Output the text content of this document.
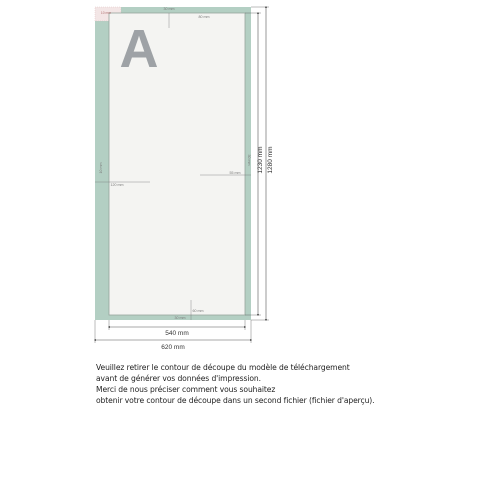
A
30 mm
80 mm
120 mm
10 mm	55 mm
30 mm
60 mm
30 mm
10 mm
540 mm
620 mm
1230 mm 1280 mm
Veuillez retirer le contour de découpe du modèle de téléchargement
avant de générer vos données d'impression.
Merci de nous préciser comment vous souhaitez
obtenir votre contour de découpe dans un second fichier (fichier d'aperçu).
